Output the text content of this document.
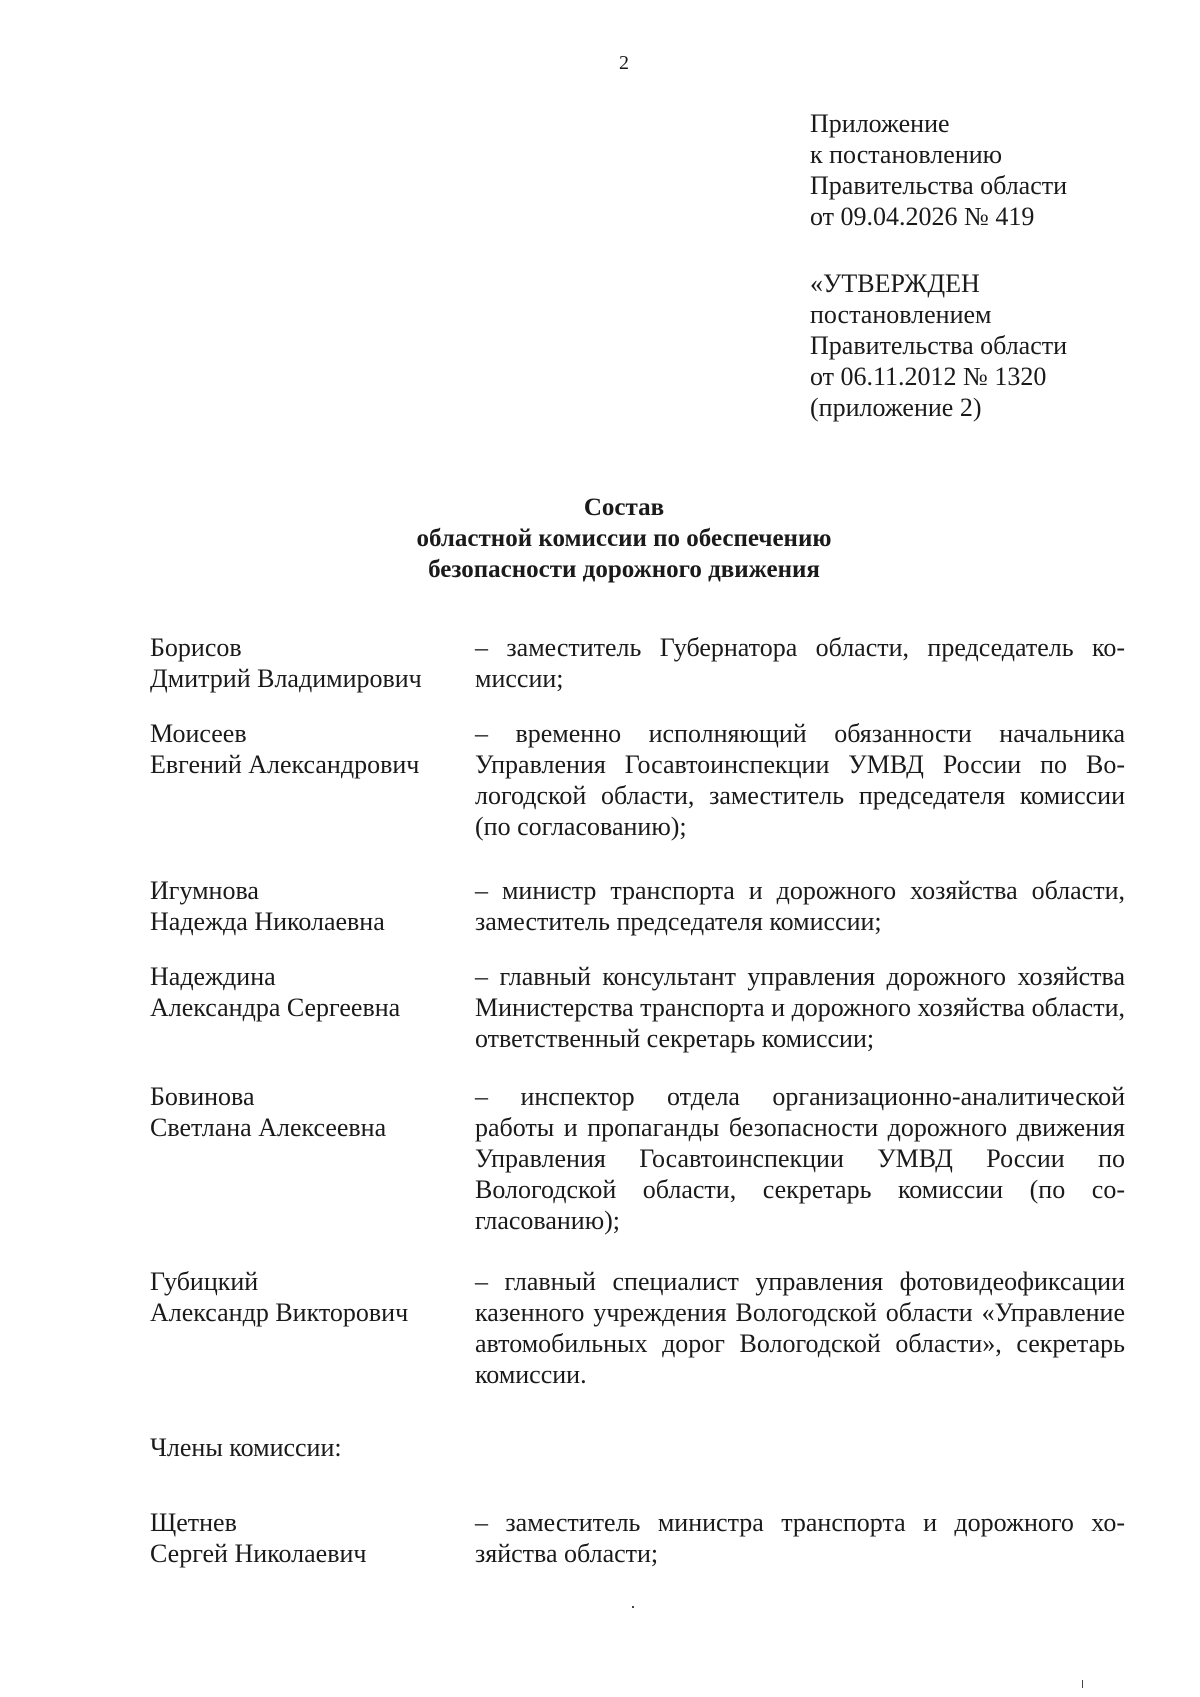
2
Приложение
к постановлению
Правительства области
от 09.04.2026 № 419
«УТВЕРЖДЕН
постановлением
Правительства области
от 06.11.2012 № 1320
(приложение 2)
Состав
областной комиссии по обеспечению
безопасности дорожного движения
Борисов
Дмитрий Владимирович
– заместитель Губернатора области, председатель комиссии;
Моисеев
Евгений Александрович
– временно исполняющий обязанности начальника Управления Госавтоинспекции УМВД России по Вологодской области, заместитель председателя комиссии (по согласованию);
Игумнова
Надежда Николаевна
– министр транспорта и дорожного хозяйства области, заместитель председателя комиссии;
Надеждина
Александра Сергеевна
– главный консультант управления дорожного хозяйства Министерства транспорта и дорожного хозяйства области, ответственный секретарь комиссии;
Бовинова
Светлана Алексеевна
– инспектор отдела организационно-аналитической работы и пропаганды безопасности дорожного движения Управления Госавтоинспекции УМВД России по Вологодской области, секретарь комиссии (по согласованию);
Губицкий
Александр Викторович
– главный специалист управления фотовидеофиксации казенного учреждения Вологодской области «Управление автомобильных дорог Вологодской области», секретарь комиссии.
Члены комиссии:
Щетнев
Сергей Николаевич
– заместитель министра транспорта и дорожного хозяйства области;
